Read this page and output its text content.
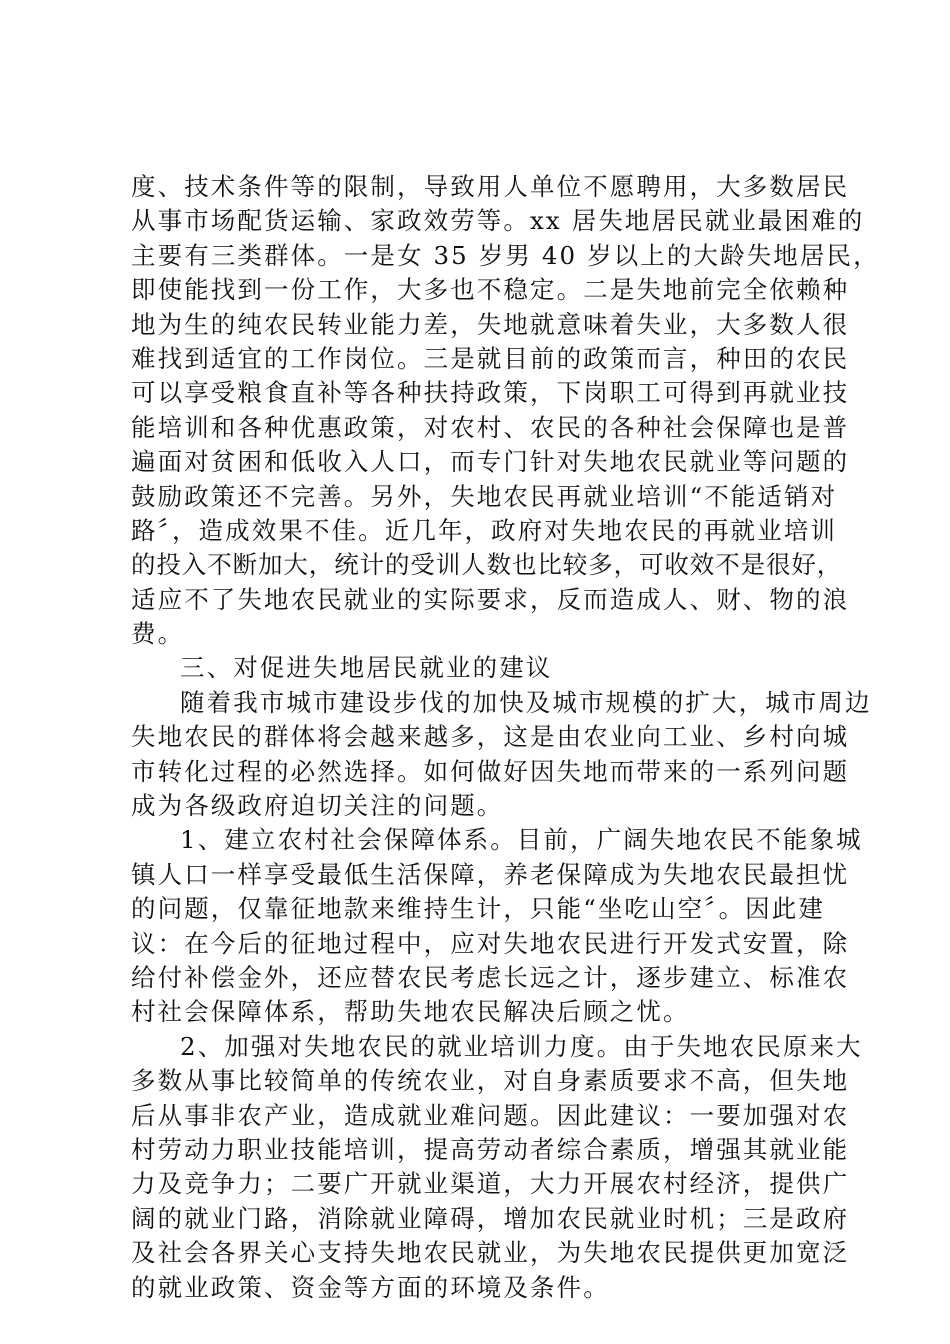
度、技术条件等的限制，导致用人单位不愿聘用，大多数居民
从事市场配货运输、家政效劳等。xx 居失地居民就业最困难的
主要有三类群体。一是女 35 岁男 40 岁以上的大龄失地居民，
即使能找到一份工作，大多也不稳定。二是失地前完全依赖种
地为生的纯农民转业能力差，失地就意味着失业，大多数人很
难找到适宜的工作岗位。三是就目前的政策而言，种田的农民
可以享受粮食直补等各种扶持政策，下岗职工可得到再就业技
能培训和各种优惠政策，对农村、农民的各种社会保障也是普
遍面对贫困和低收入人口，而专门针对失地农民就业等问题的
鼓励政策还不完善。另外，失地农民再就业培训“不能适销对
路〞，造成效果不佳。近几年，政府对失地农民的再就业培训
的投入不断加大，统计的受训人数也比较多，可收效不是很好，
适应不了失地农民就业的实际要求，反而造成人、财、物的浪
费。
三、对促进失地居民就业的建议
随着我市城市建设步伐的加快及城市规模的扩大，城市周边
失地农民的群体将会越来越多，这是由农业向工业、乡村向城
市转化过程的必然选择。如何做好因失地而带来的一系列问题
成为各级政府迫切关注的问题。
1、建立农村社会保障体系。目前，广阔失地农民不能象城
镇人口一样享受最低生活保障，养老保障成为失地农民最担忧
的问题，仅靠征地款来维持生计，只能“坐吃山空〞。因此建
议：在今后的征地过程中，应对失地农民进行开发式安置，除
给付补偿金外，还应替农民考虑长远之计，逐步建立、标准农
村社会保障体系，帮助失地农民解决后顾之忧。
2、加强对失地农民的就业培训力度。由于失地农民原来大
多数从事比较简单的传统农业，对自身素质要求不高，但失地
后从事非农产业，造成就业难问题。因此建议：一要加强对农
村劳动力职业技能培训，提高劳动者综合素质，增强其就业能
力及竞争力；二要广开就业渠道，大力开展农村经济，提供广
阔的就业门路，消除就业障碍，增加农民就业时机；三是政府
及社会各界关心支持失地农民就业，为失地农民提供更加宽泛
的就业政策、资金等方面的环境及条件。
